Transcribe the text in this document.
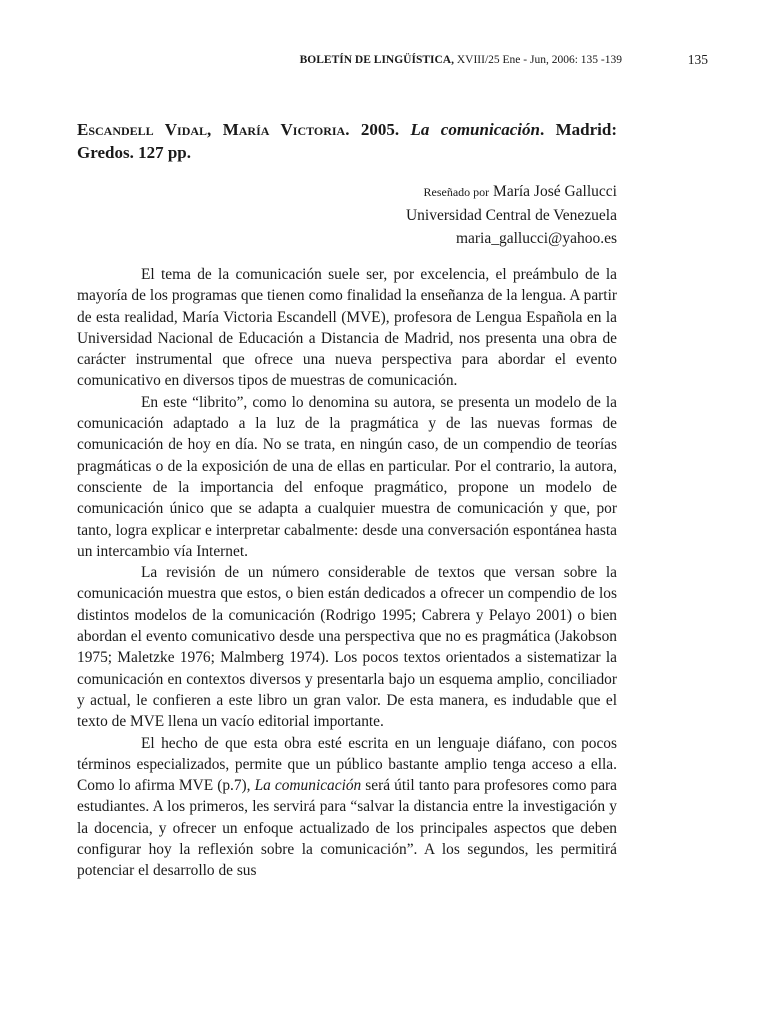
BOLETÍN DE LINGÜÍSTICA, XVIII/25 Ene - Jun, 2006: 135 -139	135
Escandell Vidal, María Victoria. 2005. La comunicación. Madrid: Gredos. 127 pp.
Reseñado por María José Gallucci
Universidad Central de Venezuela
maria_gallucci@yahoo.es

El tema de la comunicación suele ser, por excelencia, el preámbulo de la mayoría de los programas que tienen como finalidad la enseñanza de la lengua. A partir de esta realidad, María Victoria Escandell (MVE), profesora de Lengua Española en la Universidad Nacional de Educación a Distancia de Madrid, nos presenta una obra de carácter instrumental que ofrece una nueva perspectiva para abordar el evento comunicativo en diversos tipos de muestras de comunicación.

En este “librito”, como lo denomina su autora, se presenta un modelo de la comunicación adaptado a la luz de la pragmática y de las nuevas formas de comunicación de hoy en día. No se trata, en ningún caso, de un compendio de teorías pragmáticas o de la exposición de una de ellas en particular. Por el contrario, la autora, consciente de la importancia del enfoque pragmático, propone un modelo de comunicación único que se adapta a cualquier muestra de comunicación y que, por tanto, logra explicar e interpretar cabalmente: desde una conversación espontánea hasta un intercambio vía Internet.

La revisión de un número considerable de textos que versan sobre la comunicación muestra que estos, o bien están dedicados a ofrecer un compendio de los distintos modelos de la comunicación (Rodrigo 1995; Cabrera y Pelayo 2001) o bien abordan el evento comunicativo desde una perspectiva que no es pragmática (Jakobson 1975; Maletzke 1976; Malmberg 1974). Los pocos textos orientados a sistematizar la comunicación en contextos diversos y presentarla bajo un esquema amplio, conciliador y actual, le confieren a este libro un gran valor. De esta manera, es indudable que el texto de MVE llena un vacío editorial importante.

El hecho de que esta obra esté escrita en un lenguaje diáfano, con pocos términos especializados, permite que un público bastante amplio tenga acceso a ella. Como lo afirma MVE (p.7), La comunicación será útil tanto para profesores como para estudiantes. A los primeros, les servirá para “salvar la distancia entre la investigación y la docencia, y ofrecer un enfoque actualizado de los principales aspectos que deben configurar hoy la reflexión sobre la comunicación”. A los segundos, les permitirá potenciar el desarrollo de sus
